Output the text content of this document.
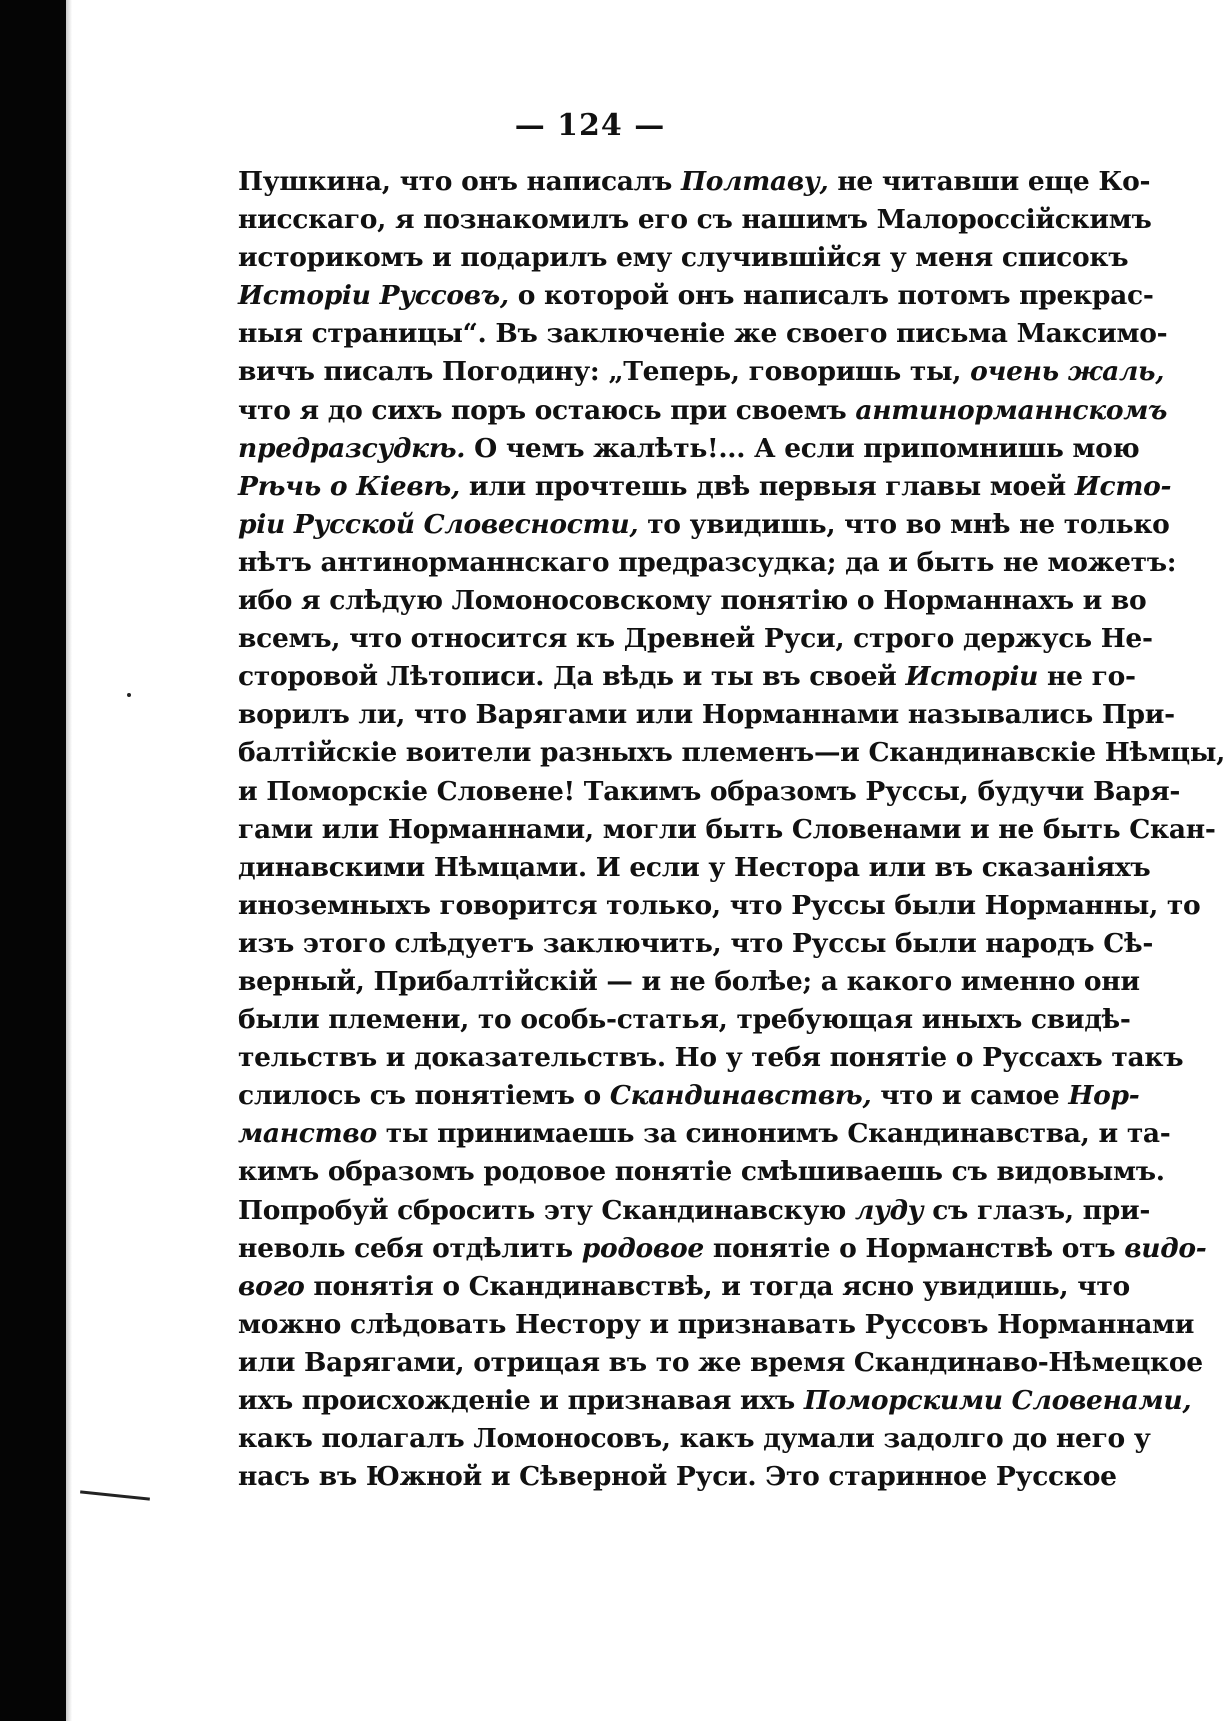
— 124 —
Пушкина, что онъ написалъ Полтаву, не читавши еще Ко-
нисскаго, я познакомилъ его съ нашимъ Малороссійскимъ
историкомъ и подарилъ ему случившійся у меня списокъ
Исторіи Руссовъ, о которой онъ написалъ потомъ прекрас-
ныя страницы“. Въ заключеніе же своего письма Максимо-
вичъ писалъ Погодину: „Теперь, говоришь ты, очень жаль,
что я до сихъ поръ остаюсь при своемъ антинорманнскомъ
предразсудкѣ. О чемъ жалѣть!... А если припомнишь мою
Рѣчь о Кіевѣ, или прочтешь двѣ первыя главы моей Исто-
ріи Русской Словесности, то увидишь, что во мнѣ не только
нѣтъ антинорманнскаго предразсудка; да и быть не можетъ:
ибо я слѣдую Ломоносовскому понятію о Норманнахъ и во
всемъ, что относится къ Древней Руси, строго держусь Не-
сторовой Лѣтописи. Да вѣдь и ты въ своей Исторіи не го-
ворилъ ли, что Варягами или Норманнами назывались При-
балтійскіе воители разныхъ племенъ—и Скандинавскіе Нѣмцы,
и Поморскіе Словене! Такимъ образомъ Руссы, будучи Варя-
гами или Норманнами, могли быть Словенами и не быть Скан-
динавскими Нѣмцами. И если у Нестора или въ сказаніяхъ
иноземныхъ говорится только, что Руссы были Норманны, то
изъ этого слѣдуетъ заключить, что Руссы были народъ Сѣ-
верный, Прибалтійскій — и не болѣе; а какого именно они
были племени, то особь-статья, требующая иныхъ свидѣ-
тельствъ и доказательствъ. Но у тебя понятіе о Руссахъ такъ
слилось съ понятіемъ о Скандинавствѣ, что и самое Нор-
манство ты принимаешь за синонимъ Скандинавства, и та-
кимъ образомъ родовое понятіе смѣшиваешь съ видовымъ.
Попробуй сбросить эту Скандинавскую луду съ глазъ, при-
неволь себя отдѣлить родовое понятіе о Норманствѣ отъ видо-
вого понятія о Скандинавствѣ, и тогда ясно увидишь, что
можно слѣдовать Нестору и признавать Руссовъ Норманнами
или Варягами, отрицая въ то же время Скандинаво-Нѣмецкое
ихъ происхожденіе и признавая ихъ Поморскими Словенами,
какъ полагалъ Ломоносовъ, какъ думали задолго до него у
насъ въ Южной и Сѣверной Руси. Это старинное Русское
